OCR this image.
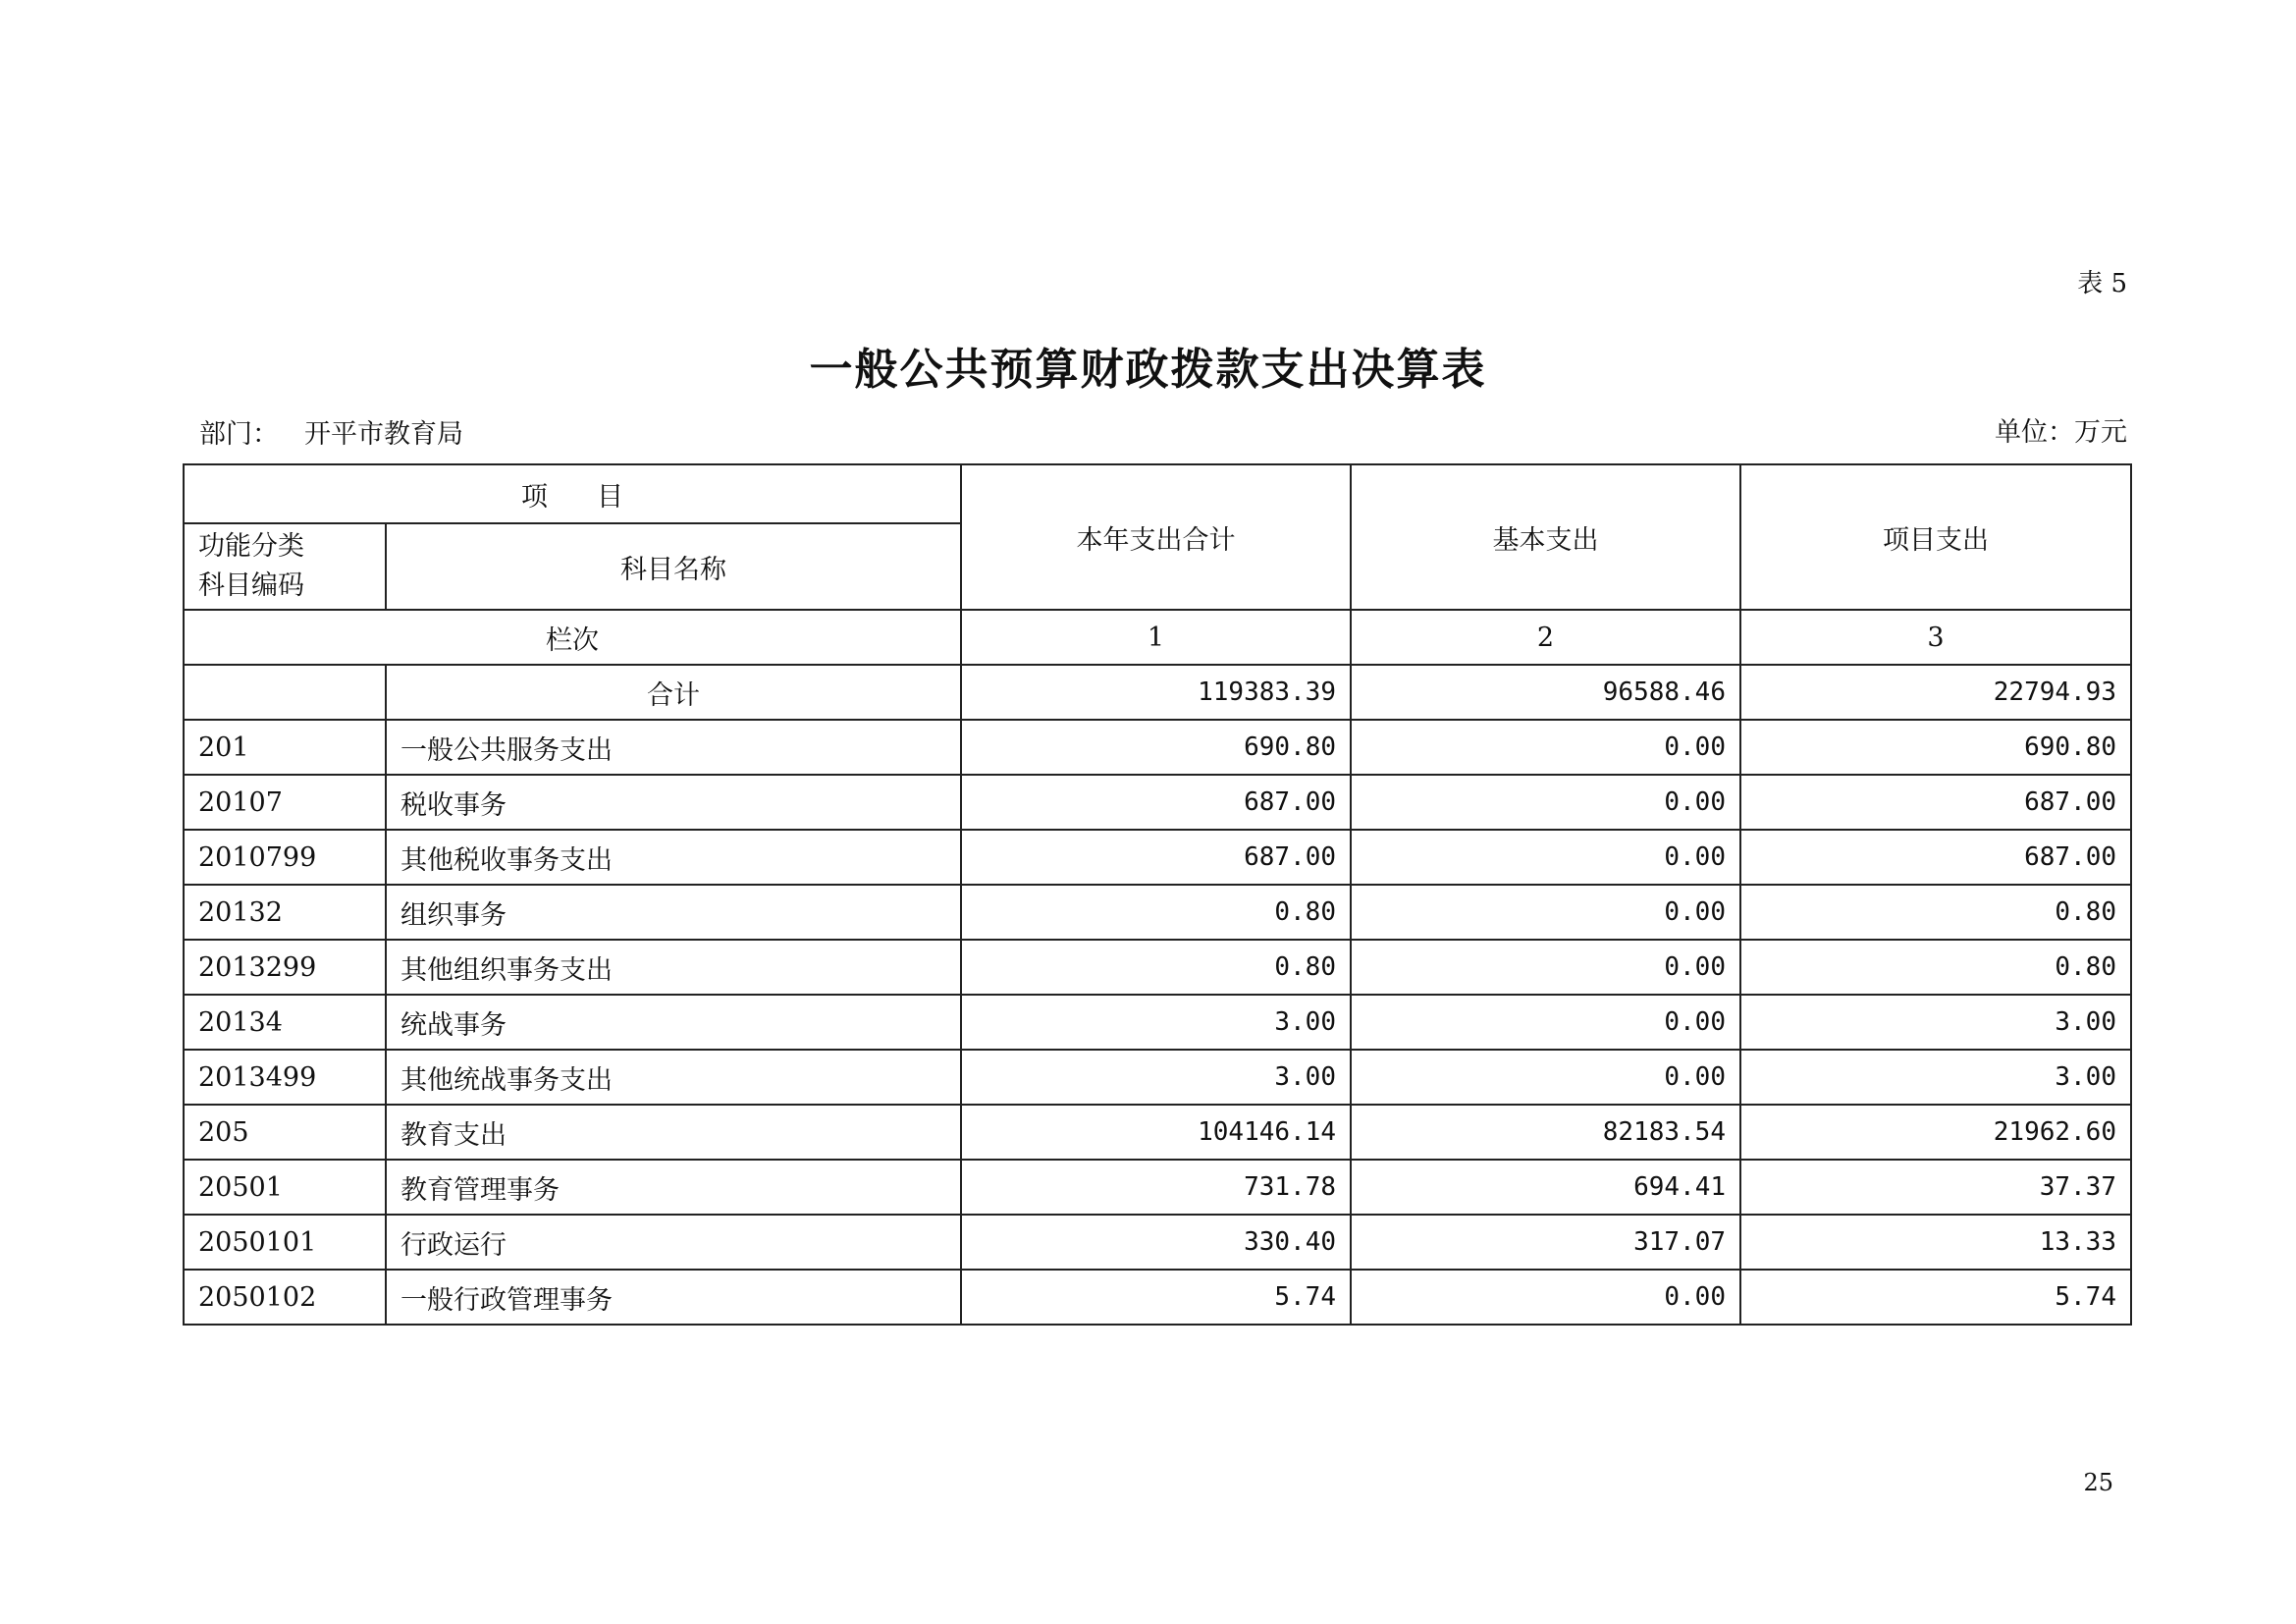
表 5
一般公共预算财政拨款支出决算表
部门： 开平市教育局	单位：万元
项 目		本年支出合计	基本支出	项目支出

功能分类
科目编码	科目名称			
栏次		1	2	3
	合计	119383.39	96588.46	22794.93
201	一般公共服务支出	690.80	0.00	690.80
20107	税收事务	687.00	0.00	687.00
2010799	其他税收事务支出	687.00	0.00	687.00
20132	组织事务	0.80	0.00	0.80
2013299	其他组织事务支出	0.80	0.00	0.80
20134	统战事务	3.00	0.00	3.00
2013499	其他统战事务支出	3.00	0.00	3.00
205	教育支出	104146.14	82183.54	21962.60
20501	教育管理事务	731.78	694.41	37.37
2050101	行政运行	330.40	317.07	13.33
2050102	一般行政管理事务	5.74	0.00	5.74
25
